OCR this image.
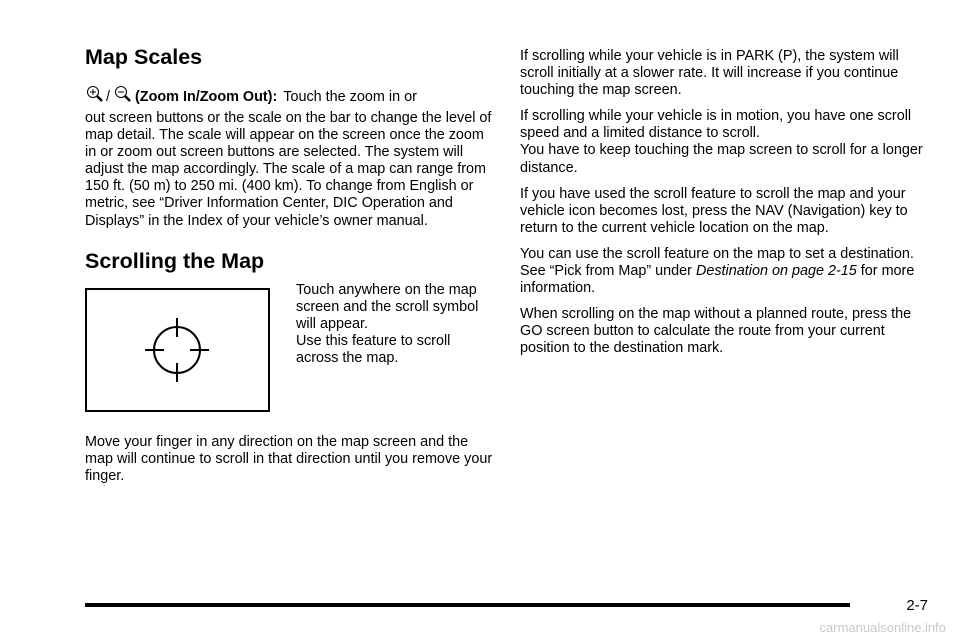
Map Scales

/ (Zoom In/Zoom Out): Touch the zoom in or

out screen buttons or the scale on the bar to change the level of map detail. The scale will appear on the screen once the zoom in or zoom out screen buttons are selected. The system will adjust the map accordingly. The scale of a map can range from 150 ft. (50 m) to 250 mi. (400 km). To change from English or metric, see “Driver Information Center, DIC Operation and Displays” in the Index of your vehicle’s owner manual.

Scrolling the Map

Touch anywhere on the map screen and the scroll symbol will appear.

Use this feature to scroll across the map.

Move your finger in any direction on the map screen and the map will continue to scroll in that direction until you remove your finger.

If scrolling while your vehicle is in PARK (P), the system will scroll initially at a slower rate. It will increase if you continue touching the map screen.

If scrolling while your vehicle is in motion, you have one scroll speed and a limited distance to scroll.

You have to keep touching the map screen to scroll for a longer distance.

If you have used the scroll feature to scroll the map and your vehicle icon becomes lost, press the NAV (Navigation) key to return to the current vehicle location on the map.

You can use the scroll feature on the map to set a destination. See “Pick from Map” under Destination on page 2-15 for more information.

When scrolling on the map without a planned route, press the GO screen button to calculate the route from your current position to the destination mark.

2-7
carmanualsonline.info
